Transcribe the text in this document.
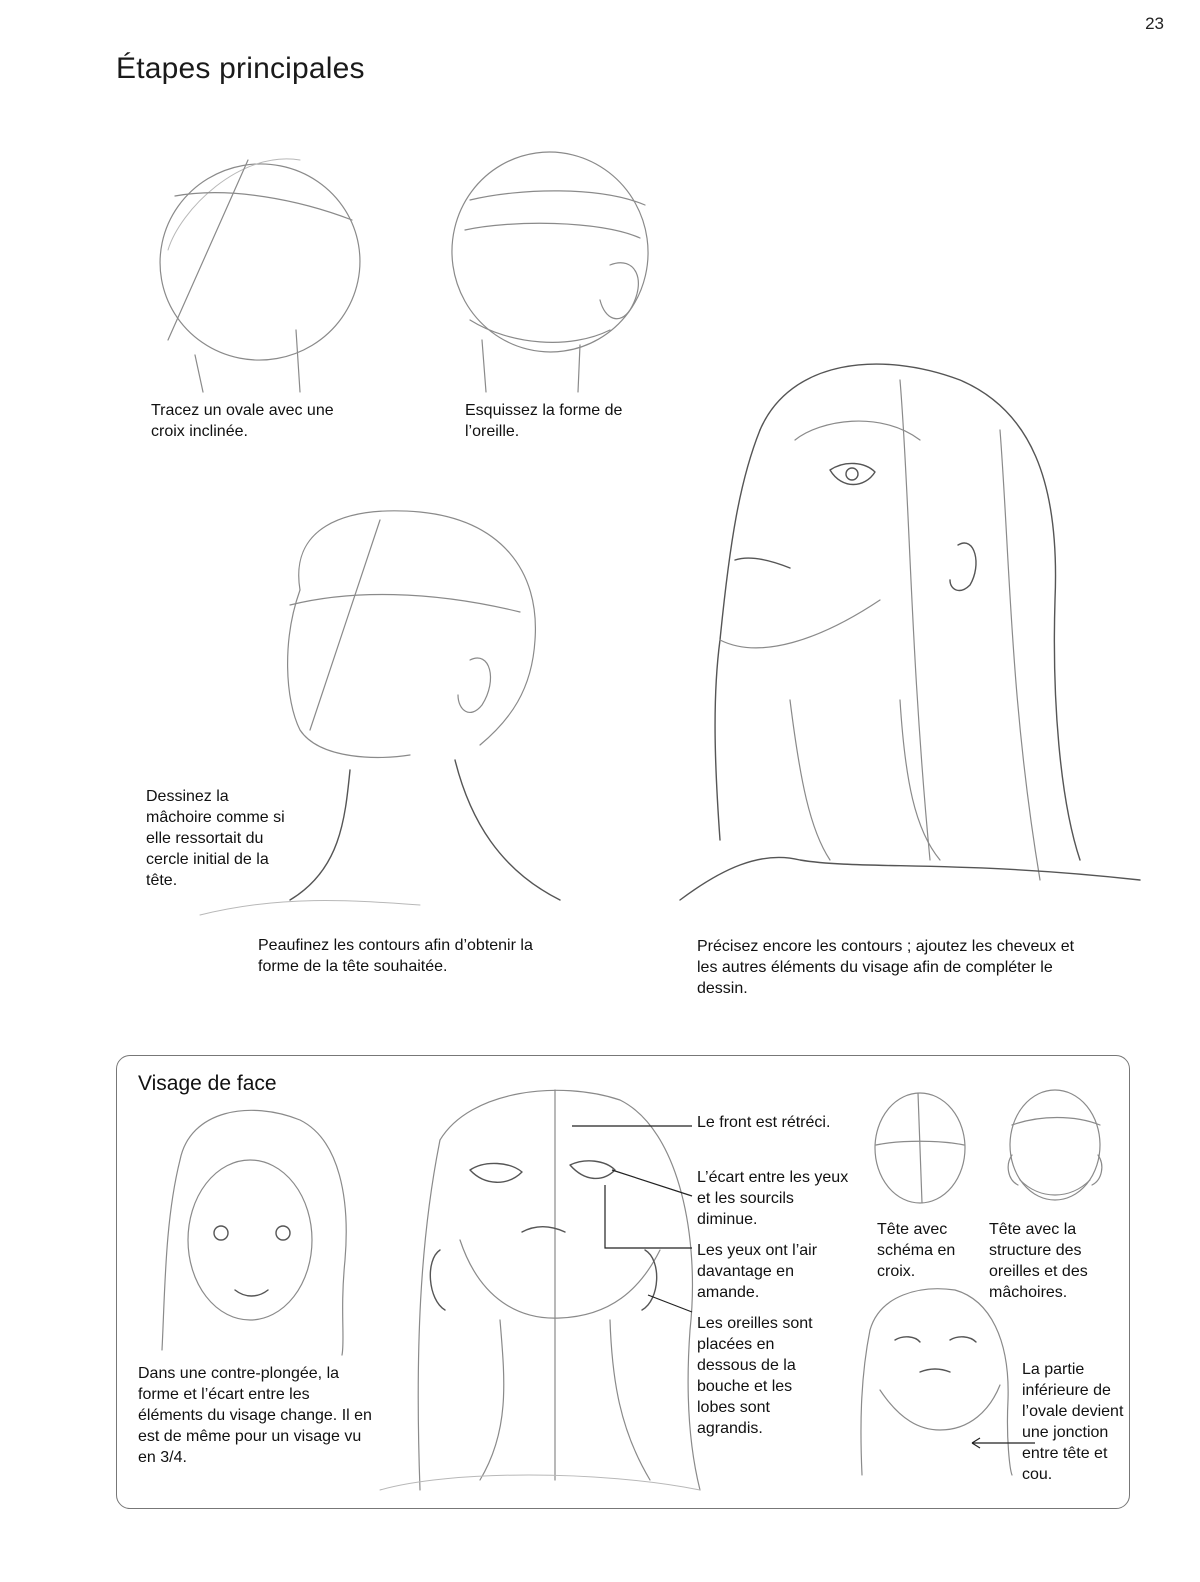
23
Étapes principales
Tracez un ovale avec une
croix inclinée.
Esquissez la forme de
l’oreille.
Dessinez la
mâchoire comme si
elle ressortait du
cercle initial de la
tête.
Peaufinez les contours afin d’obtenir la
forme de la tête souhaitée.
Précisez encore les contours ; ajoutez les cheveux et
les autres éléments du visage afin de compléter le
dessin.
Visage de face
Dans une contre-plongée, la
forme et l’écart entre les
éléments du visage change. Il en
est de même pour un visage vu
en 3/4.
Le front est rétréci.
L’écart entre les yeux
et les sourcils
diminue.
Les yeux ont l’air
davantage en
amande.
Les oreilles sont
placées en
dessous de la
bouche et les
lobes sont
agrandis.
Tête avec
schéma en
croix.
Tête avec la
structure des
oreilles et des
mâchoires.
La partie
inférieure de
l’ovale devient
une jonction
entre tête et
cou.
